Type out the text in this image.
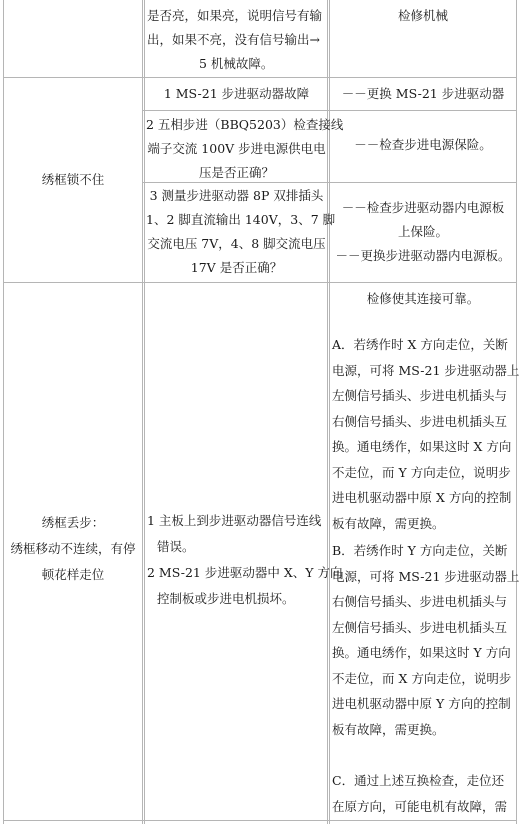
是否亮，如果亮，说明信号有输
出，如果不亮，没有信号输出→
5 机械故障。
检修机械
绣框锁不住
1 MS-21 步进驱动器故障	－－更换 MS-21 步进驱动器
2 五相步进（BBQ5203）检查接线
端子交流 100V 步进电源供电电
压是否正确？
－－检查步进电源保险。
3 测量步进驱动器 8P 双排插头
1、2 脚直流输出 140V，3、7 脚
交流电压 7V，4、8 脚交流电压
17V 是否正确？
－－检查步进驱动器内电源板
上保险。
－－更换步进驱动器内电源板。
绣框丢步：
绣框移动不连续，有停
顿花样走位
1 主板上到步进驱动器信号连线
错误。
2 MS-21 步进驱动器中 X、Y 方向
控制板或步进电机损坏。
检修使其连接可靠。
A．若绣作时 X 方向走位，关断
电源，可将 MS-21 步进驱动器上
左侧信号插头、步进电机插头与
右侧信号插头、步进电机插头互
换。通电绣作，如果这时 X 方向
不走位，而 Y 方向走位，说明步
进电机驱动器中原 X 方向的控制
板有故障，需更换。
B．若绣作时 Y 方向走位，关断
电源，可将 MS-21 步进驱动器上
右侧信号插头、步进电机插头与
左侧信号插头、步进电机插头互
换。通电绣作，如果这时 Y 方向
不走位，而 X 方向走位，说明步
进电机驱动器中原 Y 方向的控制
板有故障，需更换。
C．通过上述互换检查，走位还
在原方向，可能电机有故障，需
